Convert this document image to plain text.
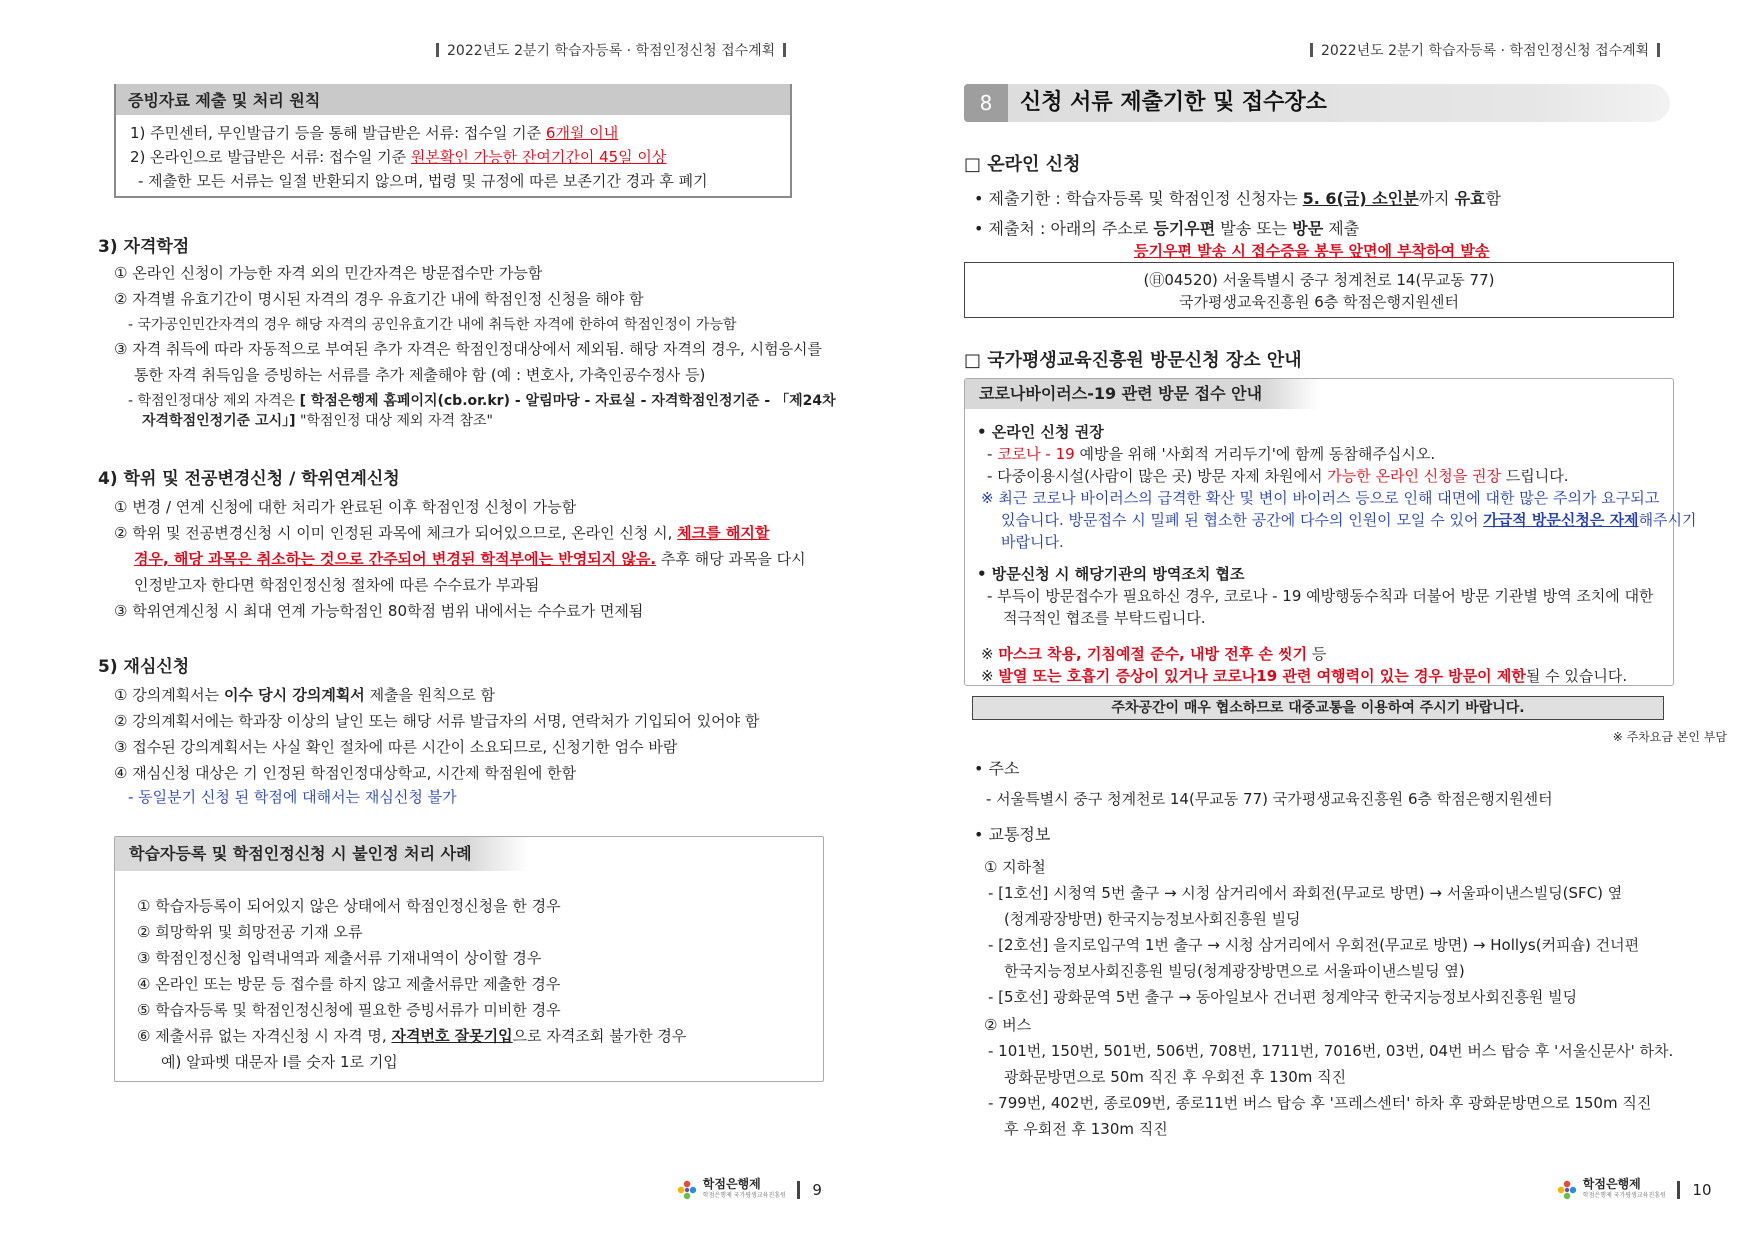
2022년도 2분기 학습자등록 · 학점인정신청 접수계획
증빙자료 제출 및 처리 원칙
1) 주민센터, 무인발급기 등을 통해 발급받은 서류: 접수일 기준 6개월 이내
2) 온라인으로 발급받은 서류: 접수일 기준 원본확인 가능한 잔여기간이 45일 이상
- 제출한 모든 서류는 일절 반환되지 않으며, 법령 및 규정에 따른 보존기간 경과 후 폐기
3) 자격학점
① 온라인 신청이 가능한 자격 외의 민간자격은 방문접수만 가능함
② 자격별 유효기간이 명시된 자격의 경우 유효기간 내에 학점인정 신청을 해야 함
- 국가공인민간자격의 경우 해당 자격의 공인유효기간 내에 취득한 자격에 한하여 학점인정이 가능함
③ 자격 취득에 따라 자동적으로 부여된 추가 자격은 학점인정대상에서 제외됨. 해당 자격의 경우, 시험응시를
통한 자격 취득임을 증빙하는 서류를 추가 제출해야 함 (예 : 변호사, 가축인공수정사 등)
- 학점인정대상 제외 자격은 [ 학점은행제 홈페이지(cb.or.kr) - 알림마당 - 자료실 - 자격학점인정기준 - 「제24차
자격학점인정기준 고시」] "학점인정 대상 제외 자격 참조"
4) 학위 및 전공변경신청 / 학위연계신청
① 변경 / 연계 신청에 대한 처리가 완료된 이후 학점인정 신청이 가능함
② 학위 및 전공변경신청 시 이미 인정된 과목에 체크가 되어있으므로, 온라인 신청 시, 체크를 해지할
경우, 해당 과목은 취소하는 것으로 간주되어 변경된 학적부에는 반영되지 않음. 추후 해당 과목을 다시
인정받고자 한다면 학점인정신청 절차에 따른 수수료가 부과됨
③ 학위연계신청 시 최대 연계 가능학점인 80학점 범위 내에서는 수수료가 면제됨
5) 재심신청
① 강의계획서는 이수 당시 강의계획서 제출을 원칙으로 함
② 강의계획서에는 학과장 이상의 날인 또는 해당 서류 발급자의 서명, 연락처가 기입되어 있어야 함
③ 접수된 강의계획서는 사실 확인 절차에 따른 시간이 소요되므로, 신청기한 엄수 바람
④ 재심신청 대상은 기 인정된 학점인정대상학교, 시간제 학점원에 한함
- 동일분기 신청 된 학점에 대해서는 재심신청 불가
학습자등록 및 학점인정신청 시 불인정 처리 사례
① 학습자등록이 되어있지 않은 상태에서 학점인정신청을 한 경우
② 희망학위 및 희망전공 기재 오류
③ 학점인정신청 입력내역과 제출서류 기재내역이 상이할 경우
④ 온라인 또는 방문 등 접수를 하지 않고 제출서류만 제출한 경우
⑤ 학습자등록 및 학점인정신청에 필요한 증빙서류가 미비한 경우
⑥ 제출서류 없는 자격신청 시 자격 명, 자격번호 잘못기입으로 자격조회 불가한 경우
예) 알파벳 대문자 I를 숫자 1로 기입
학점은행제
학점은행제 국가평생교육진흥원 9
2022년도 2분기 학습자등록 · 학점인정신청 접수계획
8	신청 서류 제출기한 및 접수장소
□ 온라인 신청
• 제출기한 : 학습자등록 및 학점인정 신청자는 5. 6(금) 소인분까지 유효함
• 제출처 : 아래의 주소로 등기우편 발송 또는 방문 제출
등기우편 발송 시 접수증을 봉투 앞면에 부착하여 발송
(㊐04520) 서울특별시 중구 청계천로 14(무교동 77)
국가평생교육진흥원 6층 학점은행지원센터
□ 국가평생교육진흥원 방문신청 장소 안내
코로나바이러스-19 관련 방문 접수 안내
• 온라인 신청 권장
- 코로나 - 19 예방을 위해 '사회적 거리두기'에 함께 동참해주십시오.
- 다중이용시설(사람이 많은 곳) 방문 자제 차원에서 가능한 온라인 신청을 권장 드립니다.
※ 최근 코로나 바이러스의 급격한 확산 및 변이 바이러스 등으로 인해 대면에 대한 많은 주의가 요구되고
있습니다. 방문접수 시 밀폐 된 협소한 공간에 다수의 인원이 모일 수 있어 가급적 방문신청은 자제해주시기
바랍니다.
• 방문신청 시 해당기관의 방역조치 협조
- 부득이 방문접수가 필요하신 경우, 코로나 - 19 예방행동수칙과 더불어 방문 기관별 방역 조치에 대한
적극적인 협조를 부탁드립니다.
※ 마스크 착용, 기침예절 준수, 내방 전후 손 씻기 등
※ 발열 또는 호흡기 증상이 있거나 코로나19 관련 여행력이 있는 경우 방문이 제한될 수 있습니다.
주차공간이 매우 협소하므로 대중교통을 이용하여 주시기 바랍니다.
※ 주차요금 본인 부담
• 주소
- 서울특별시 중구 청계천로 14(무교동 77) 국가평생교육진흥원 6층 학점은행지원센터
• 교통정보
① 지하철
- [1호선] 시청역 5번 출구 → 시청 삼거리에서 좌회전(무교로 방면) → 서울파이낸스빌딩(SFC) 옆
(청계광장방면) 한국지능정보사회진흥원 빌딩
- [2호선] 을지로입구역 1번 출구 → 시청 삼거리에서 우회전(무교로 방면) → Hollys(커피숍) 건너편
한국지능정보사회진흥원 빌딩(청계광장방면으로 서울파이낸스빌딩 옆)
- [5호선] 광화문역 5번 출구 → 동아일보사 건너편 청계약국 한국지능정보사회진흥원 빌딩
② 버스
- 101번, 150번, 501번, 506번, 708번, 1711번, 7016번, 03번, 04번 버스 탑승 후 '서울신문사' 하차.
광화문방면으로 50m 직진 후 우회전 후 130m 직진
- 799번, 402번, 종로09번, 종로11번 버스 탑승 후 '프레스센터' 하차 후 광화문방면으로 150m 직진
후 우회전 후 130m 직진
학점은행제
학점은행제 국가평생교육진흥원 10
